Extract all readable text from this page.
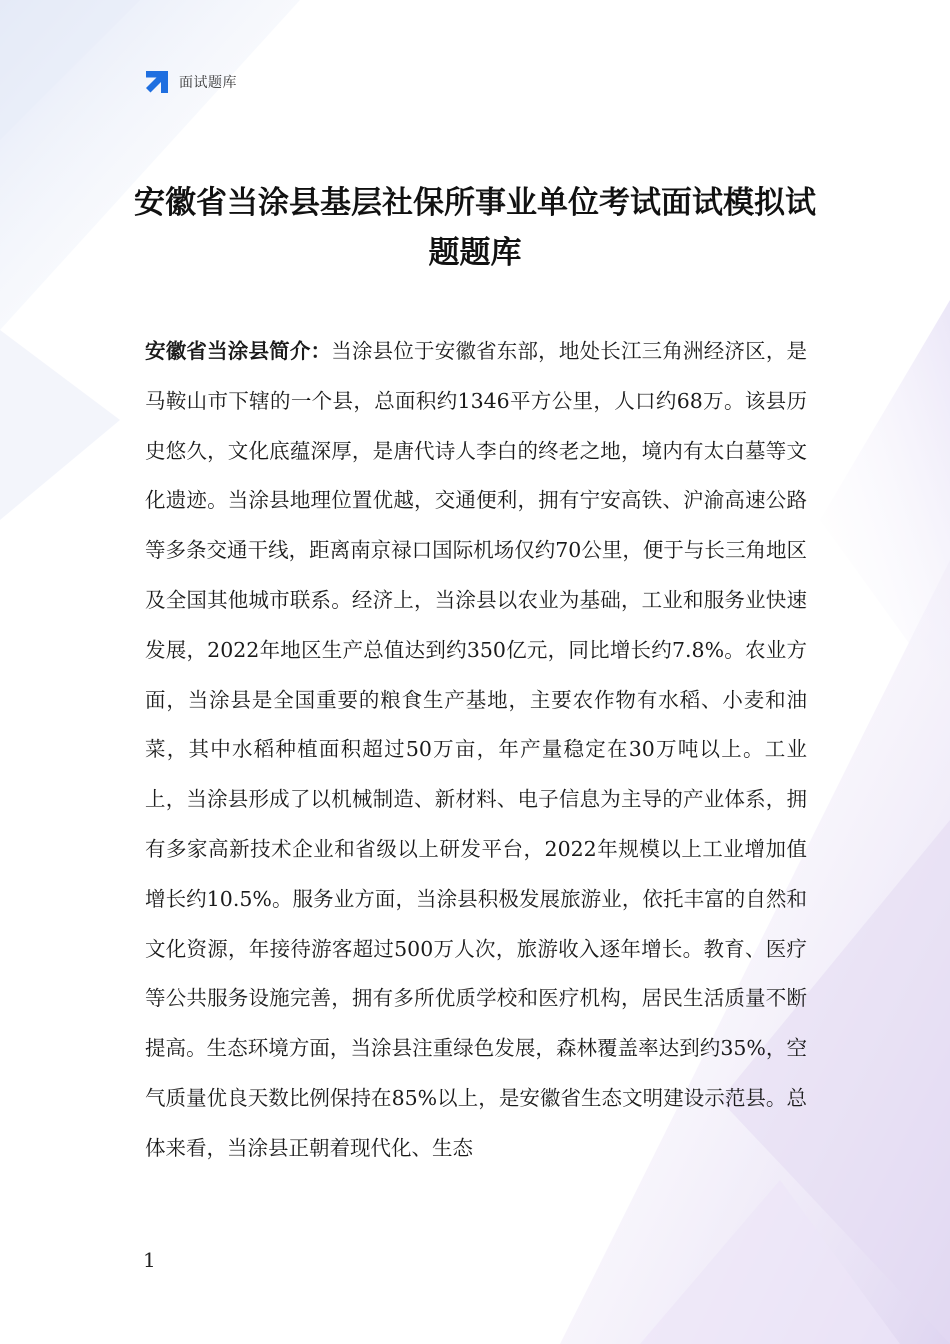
面试题库
安徽省当涂县基层社保所事业单位考试面试模拟试题题库

安徽省当涂县简介：当涂县位于安徽省东部，地处长江三角洲经济区，是马鞍山市下辖的一个县，总面积约1346平方公里，人口约68万。该县历史悠久，文化底蕴深厚，是唐代诗人李白的终老之地，境内有太白墓等文化遗迹。当涂县地理位置优越，交通便利，拥有宁安高铁、沪渝高速公路等多条交通干线，距离南京禄口国际机场仅约70公里，便于与长三角地区及全国其他城市联系。经济上，当涂县以农业为基础，工业和服务业快速发展，2022年地区生产总值达到约350亿元，同比增长约7.8%。农业方面，当涂县是全国重要的粮食生产基地，主要农作物有水稻、小麦和油菜，其中水稻种植面积超过50万亩，年产量稳定在30万吨以上。工业上，当涂县形成了以机械制造、新材料、电子信息为主导的产业体系，拥有多家高新技术企业和省级以上研发平台，2022年规模以上工业增加值增长约10.5%。服务业方面，当涂县积极发展旅游业，依托丰富的自然和文化资源，年接待游客超过500万人次，旅游收入逐年增长。教育、医疗等公共服务设施完善，拥有多所优质学校和医疗机构，居民生活质量不断提高。生态环境方面，当涂县注重绿色发展，森林覆盖率达到约35%，空气质量优良天数比例保持在85%以上，是安徽省生态文明建设示范县。总体来看，当涂县正朝着现代化、生态

1
